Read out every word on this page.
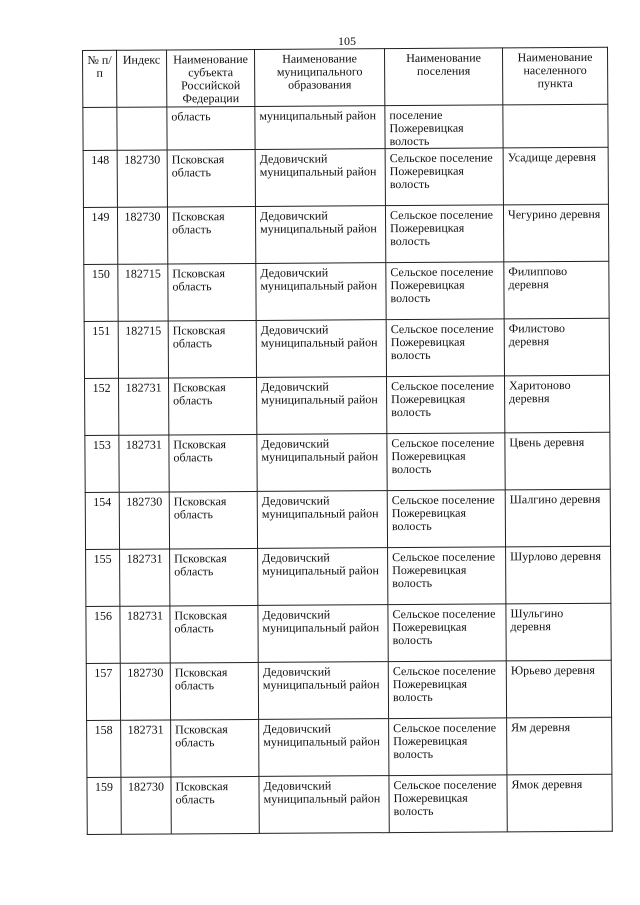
105
№ п/п	Индекс	Наименование субъекта Российской Федерации	Наименование муниципального образования	Наименование поселения	Наименование населенного пункта
		область	муниципальный район	поселение Пожеревицкая волость	
148	182730	Псковская область	Дедовичский муниципальный район	Сельское поселение Пожеревицкая волость	Усадище деревня
149	182730	Псковская область	Дедовичский муниципальный район	Сельское поселение Пожеревицкая волость	Чегурино деревня
150	182715	Псковская область	Дедовичский муниципальный район	Сельское поселение Пожеревицкая волость	Филиппово деревня
151	182715	Псковская область	Дедовичский муниципальный район	Сельское поселение Пожеревицкая волость	Филистово деревня
152	182731	Псковская область	Дедовичский муниципальный район	Сельское поселение Пожеревицкая волость	Харитоново деревня
153	182731	Псковская область	Дедовичский муниципальный район	Сельское поселение Пожеревицкая волость	Цвень деревня
154	182730	Псковская область	Дедовичский муниципальный район	Сельское поселение Пожеревицкая волость	Шалгино деревня
155	182731	Псковская область	Дедовичский муниципальный район	Сельское поселение Пожеревицкая волость	Шурлово деревня
156	182731	Псковская область	Дедовичский муниципальный район	Сельское поселение Пожеревицкая волость	Шульгино деревня
157	182730	Псковская область	Дедовичский муниципальный район	Сельское поселение Пожеревицкая волость	Юрьево деревня
158	182731	Псковская область	Дедовичский муниципальный район	Сельское поселение Пожеревицкая волость	Ям деревня
159	182730	Псковская область	Дедовичский муниципальный район	Сельское поселение Пожеревицкая волость	Ямок деревня
